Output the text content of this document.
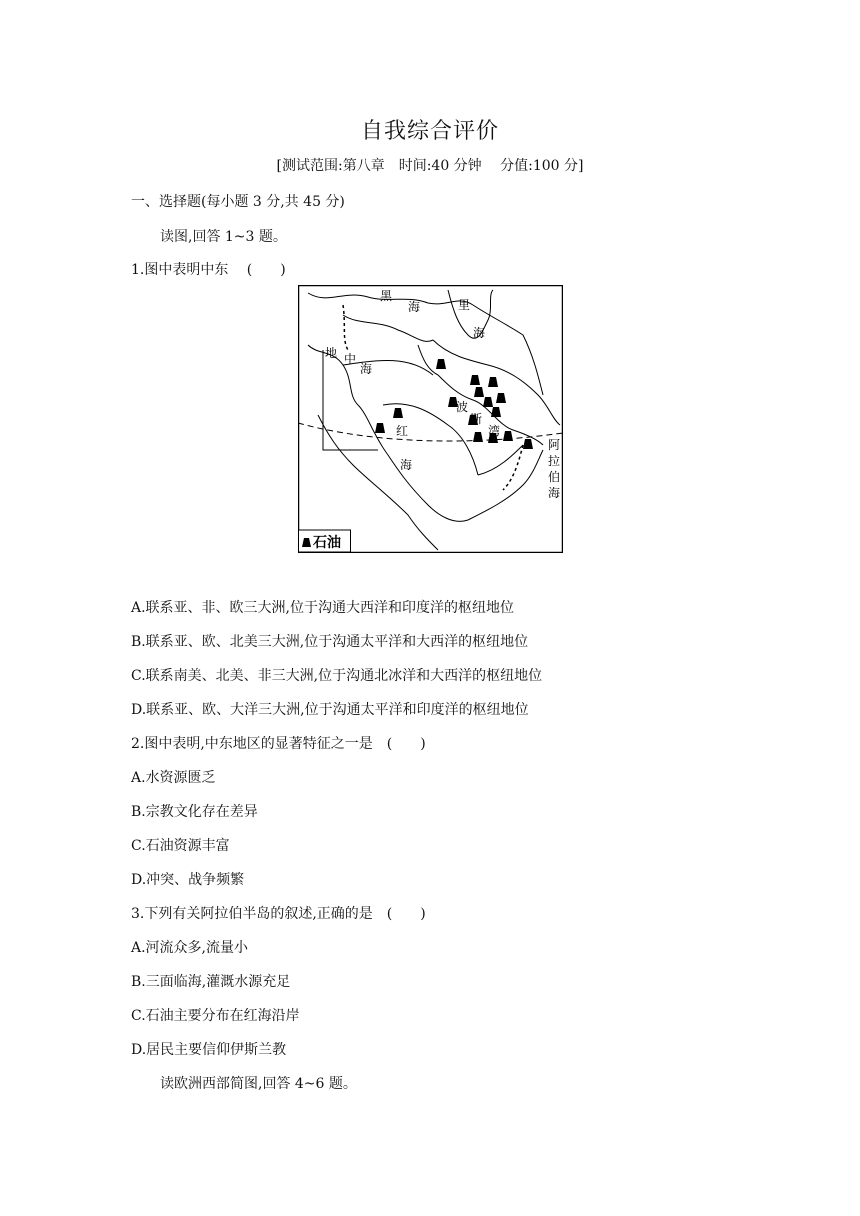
自我综合评价
[测试范围:第八章　时间:40 分钟　 分值:100 分]
一、选择题(每小题 3 分,共 45 分)
读图,回答 1~3 题。
1.图中表明中东　 (　　)
石油
黑
海	里
海
地 中
海
波
斯
湾
红
海
阿
拉
伯
海
A.联系亚、非、欧三大洲,位于沟通大西洋和印度洋的枢纽地位
B.联系亚、欧、北美三大洲,位于沟通太平洋和大西洋的枢纽地位
C.联系南美、北美、非三大洲,位于沟通北冰洋和大西洋的枢纽地位
D.联系亚、欧、大洋三大洲,位于沟通太平洋和印度洋的枢纽地位
2.图中表明,中东地区的显著特征之一是　(　　)
A.水资源匮乏
B.宗教文化存在差异
C.石油资源丰富
D.冲突、战争频繁
3.下列有关阿拉伯半岛的叙述,正确的是　(　　)
A.河流众多,流量小
B.三面临海,灌溉水源充足
C.石油主要分布在红海沿岸
D.居民主要信仰伊斯兰教
读欧洲西部简图,回答 4~6 题。
